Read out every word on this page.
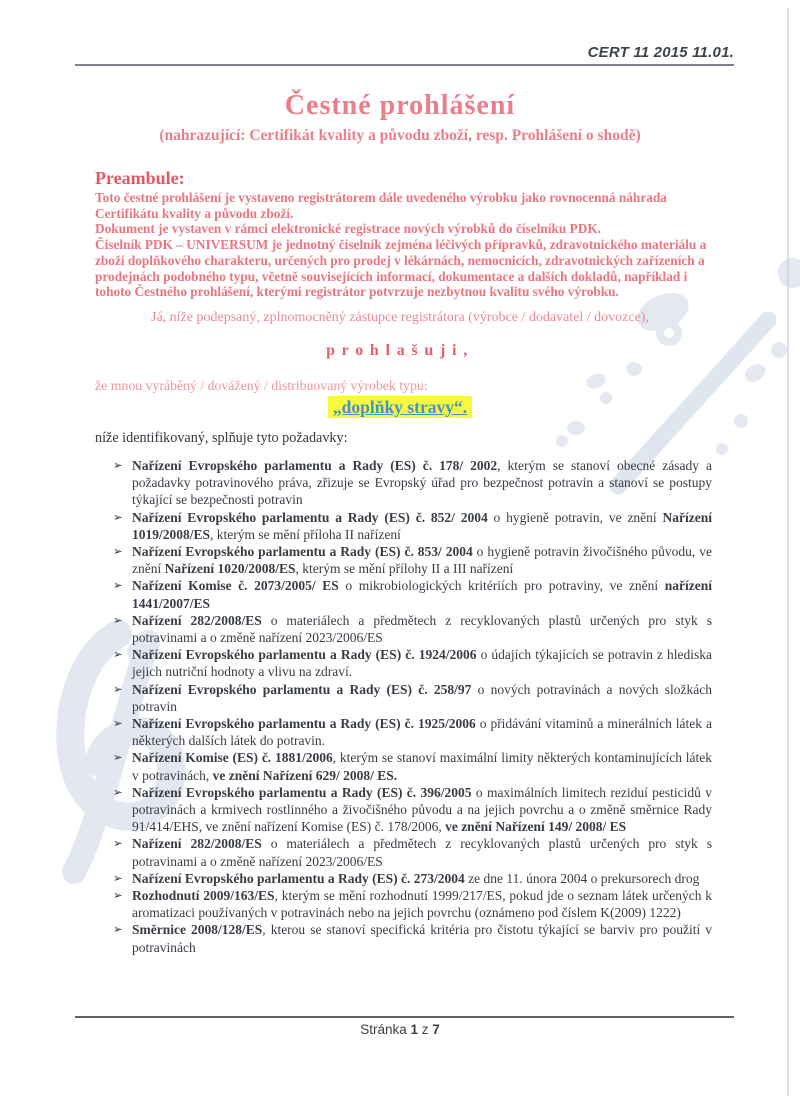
CERT 11 2015 11.01.
Čestné prohlášení
(nahrazující: Certifikát kvality a původu zboží, resp. Prohlášení o shodě)
Preambule:

Toto čestné prohlášení je vystaveno registrátorem dále uvedeného výrobku jako rovnocenná náhrada Certifikátu kvality a původu zboží.

Dokument je vystaven v rámci elektronické registrace nových výrobků do číselníku PDK.

Číselník PDK – UNIVERSUM je jednotný číselník zejména léčivých přípravků, zdravotnického materiálu a zboží doplňkového charakteru, určených pro prodej v lékárnách, nemocnicích, zdravotnických zařízeních a prodejnách podobného typu, včetně souvisejících informací, dokumentace a dalších dokladů, například i tohoto Čestného prohlášení, kterými registrátor potvrzuje nezbytnou kvalitu svého výrobku.

Já, níže podepsaný, zplnomocněný zástupce registrátora (výrobce / dodavatel / dovozce),
prohlašuji,
že mnou vyráběný / dovážený / distribuovaný výrobek typu:
„doplňky stravy“.
níže identifikovaný, splňuje tyto požadavky:
➢ Nařízení Evropského parlamentu a Rady (ES) č. 178/ 2002, kterým se stanoví obecné zásady a požadavky potravinového práva, zřizuje se Evropský úřad pro bezpečnost potravin a stanoví se postupy týkající se bezpečnosti potravin
➢ Nařízení Evropského parlamentu a Rady (ES) č. 852/ 2004 o hygieně potravin, ve znění Nařízení 1019/2008/ES, kterým se mění příloha II nařízení
➢ Nařízení Evropského parlamentu a Rady (ES) č. 853/ 2004 o hygieně potravin živočišného původu, ve znění Nařízení 1020/2008/ES, kterým se mění přílohy II a III nařízení
➢ Nařízení Komise č. 2073/2005/ ES o mikrobiologických kritériích pro potraviny, ve znění nařízení 1441/2007/ES
➢ Nařízení 282/2008/ES o materiálech a předmětech z recyklovaných plastů určených pro styk s potravinami a o změně nařízení 2023/2006/ES
➢ Nařízení Evropského parlamentu a Rady (ES) č. 1924/2006 o údajích týkajících se potravin z hlediska jejich nutriční hodnoty a vlivu na zdraví.
➢ Nařízení Evropského parlamentu a Rady (ES) č. 258/97 o nových potravinách a nových složkách potravin
➢ Nařízení Evropského parlamentu a Rady (ES) č. 1925/2006 o přidávání vitaminů a minerálních látek a některých dalších látek do potravin.
➢ Nařízení Komise (ES) č. 1881/2006, kterým se stanoví maximální limity některých kontaminujících látek v potravinách, ve znění Nařízení 629/ 2008/ ES.
➢ Nařízení Evropského parlamentu a Rady (ES) č. 396/2005 o maximálních limitech reziduí pesticidů v potravinách a krmivech rostlinného a živočišného původu a na jejich povrchu a o změně směrnice Rady 91/414/EHS, ve znění nařízení Komise (ES) č. 178/2006, ve znění Nařízení 149/ 2008/ ES
➢ Nařízení 282/2008/ES o materiálech a předmětech z recyklovaných plastů určených pro styk s potravinami a o změně nařízení 2023/2006/ES
➢ Nařízení Evropského parlamentu a Rady (ES) č. 273/2004 ze dne 11. února 2004 o prekursorech drog
➢ Rozhodnutí 2009/163/ES, kterým se mění rozhodnutí 1999/217/ES, pokud jde o seznam látek určených k aromatizaci používaných v potravinách nebo na jejich povrchu (oznámeno pod číslem K(2009) 1222)
➢ Směrnice 2008/128/ES, kterou se stanoví specifická kritéria pro čistotu týkající se barviv pro použití v potravinách
Stránka 1 z 7
